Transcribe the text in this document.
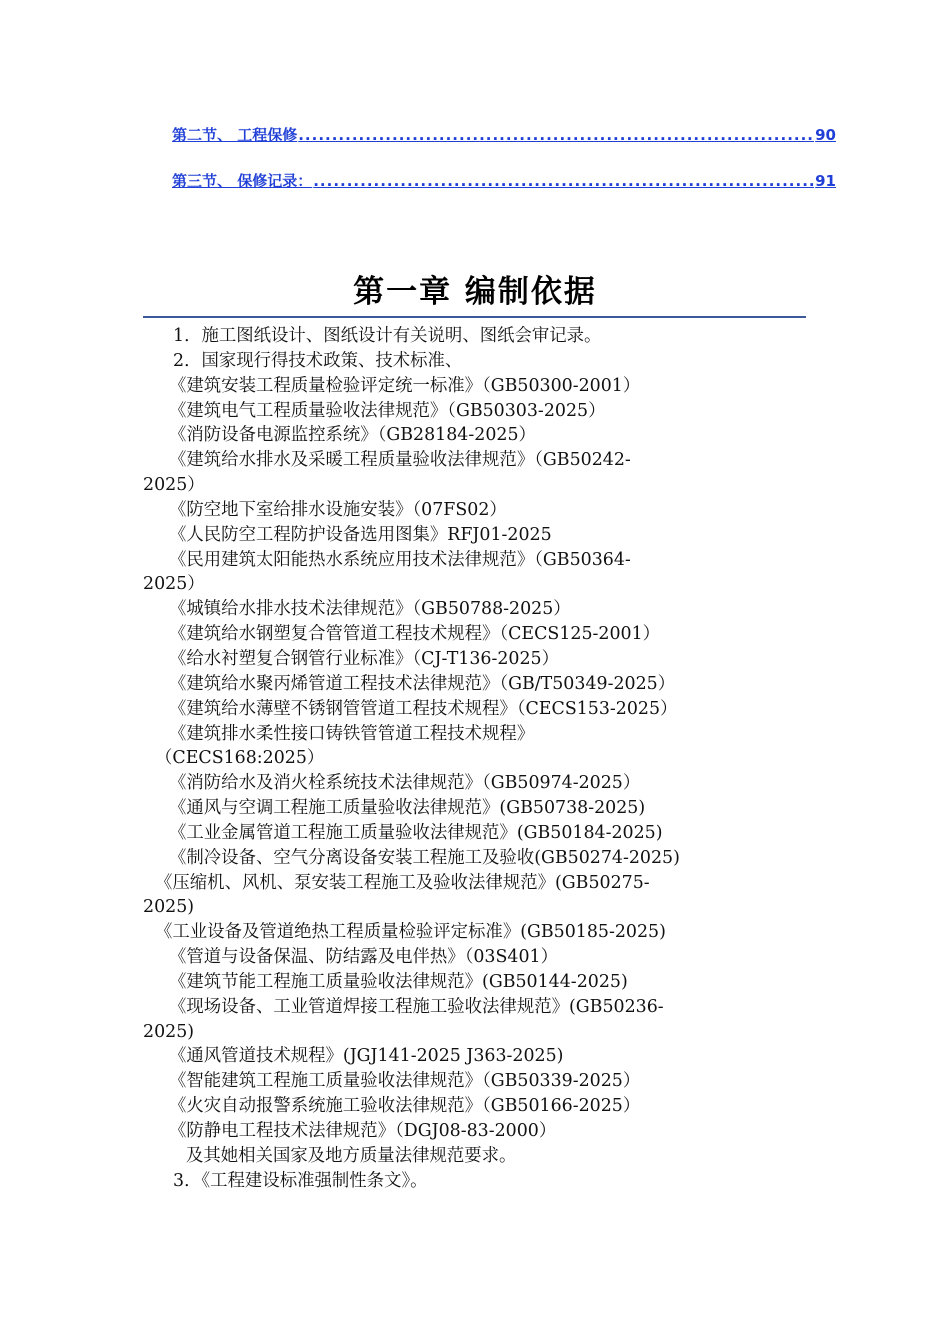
第二节、 工程保修 .....	90
第三节、 保修记录： .....	91
第一章 编制依据
1．施工图纸设计、图纸设计有关说明、图纸会审记录。
2．国家现行得技术政策、技术标准、
《建筑安装工程质量检验评定统一标准》（GB50300-2001）
《建筑电气工程质量验收法律规范》（GB50303-2025）
《消防设备电源监控系统》（GB28184-2025）
《建筑给水排水及采暖工程质量验收法律规范》（GB50242-
2025）
《防空地下室给排水设施安装》（07FS02）
《人民防空工程防护设备选用图集》RFJ01-2025
《民用建筑太阳能热水系统应用技术法律规范》（GB50364-
2025）
《城镇给水排水技术法律规范》（GB50788-2025）
《建筑给水钢塑复合管管道工程技术规程》（CECS125-2001）
《给水衬塑复合钢管行业标准》（CJ-T136-2025）
《建筑给水聚丙烯管道工程技术法律规范》（GB/T50349-2025）
《建筑给水薄壁不锈钢管管道工程技术规程》（CECS153-2025）
《建筑排水柔性接口铸铁管管道工程技术规程》
（CECS168:2025）
《消防给水及消火栓系统技术法律规范》（GB50974-2025）
《通风与空调工程施工质量验收法律规范》(GB50738-2025)
《工业金属管道工程施工质量验收法律规范》(GB50184-2025)
《制冷设备、空气分离设备安装工程施工及验收(GB50274-2025)
《压缩机、风机、泵安装工程施工及验收法律规范》(GB50275-
2025)
《工业设备及管道绝热工程质量检验评定标准》(GB50185-2025)
《管道与设备保温、防结露及电伴热》（03S401）
《建筑节能工程施工质量验收法律规范》(GB50144-2025)
《现场设备、工业管道焊接工程施工验收法律规范》(GB50236-
2025)
《通风管道技术规程》(JGJ141-2025 J363-2025)
《智能建筑工程施工质量验收法律规范》（GB50339-2025）
《火灾自动报警系统施工验收法律规范》（GB50166-2025）
《防静电工程技术法律规范》（DGJ08-83-2000）
及其她相关国家及地方质量法律规范要求。
3．《工程建设标准强制性条文》。
